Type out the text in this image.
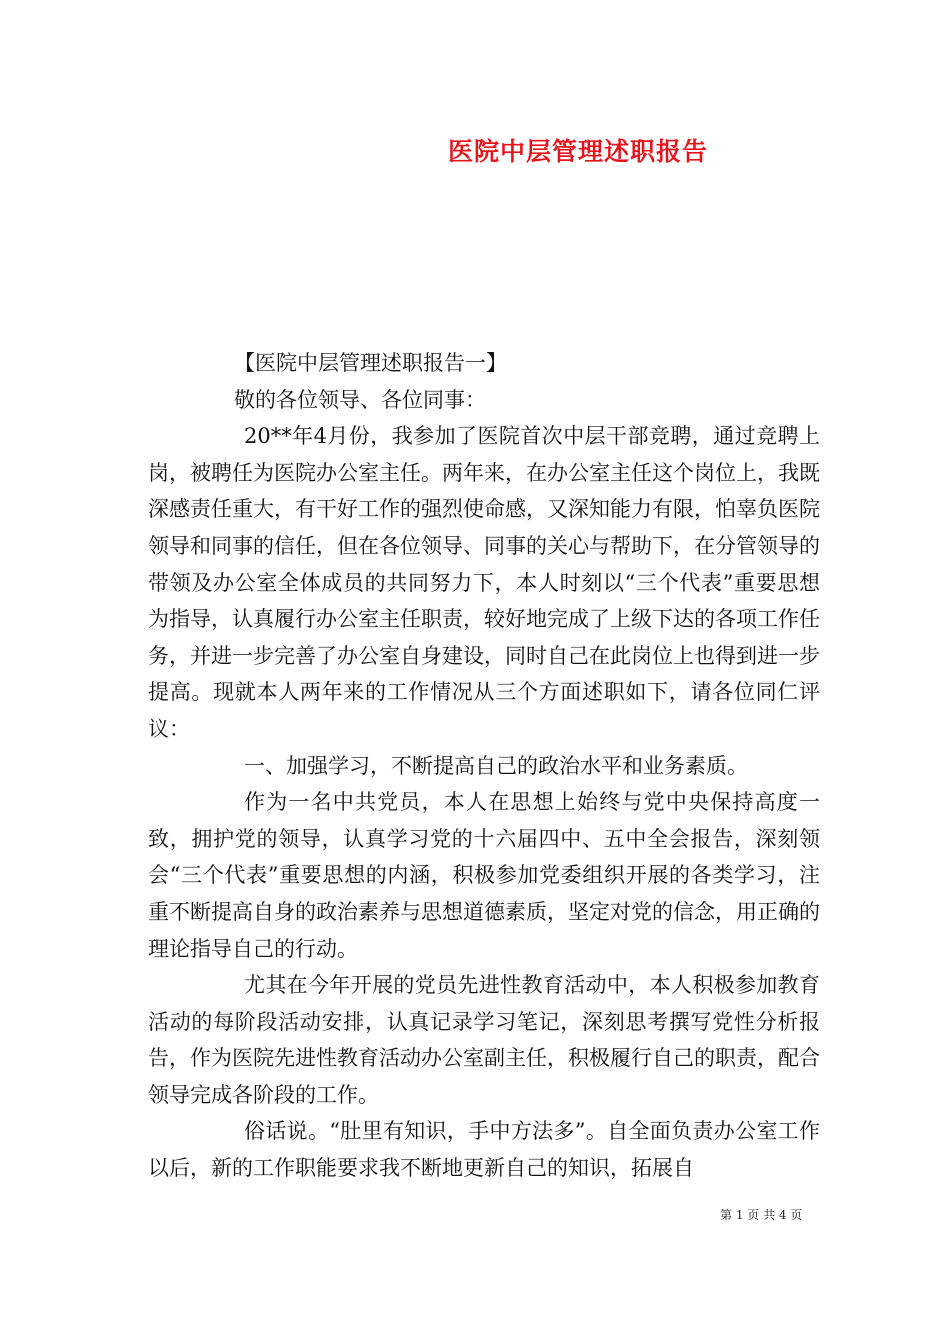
医院中层管理述职报告

【医院中层管理述职报告一】

敬的各位领导、各位同事：

20**年4月份，我参加了医院首次中层干部竞聘，通过竞聘上岗，被聘任为医院办公室主任。两年来，在办公室主任这个岗位上，我既深感责任重大，有干好工作的强烈使命感，又深知能力有限，怕辜负医院领导和同事的信任，但在各位领导、同事的关心与帮助下，在分管领导的带领及办公室全体成员的共同努力下，本人时刻以“三个代表”重要思想为指导，认真履行办公室主任职责，较好地完成了上级下达的各项工作任务，并进一步完善了办公室自身建设，同时自己在此岗位上也得到进一步提高。现就本人两年来的工作情况从三个方面述职如下，请各位同仁评议：

一、加强学习，不断提高自己的政治水平和业务素质。

作为一名中共党员，本人在思想上始终与党中央保持高度一致，拥护党的领导，认真学习党的十六届四中、五中全会报告，深刻领会“三个代表”重要思想的内涵，积极参加党委组织开展的各类学习，注重不断提高自身的政治素养与思想道德素质，坚定对党的信念，用正确的理论指导自己的行动。

尤其在今年开展的党员先进性教育活动中，本人积极参加教育活动的每阶段活动安排，认真记录学习笔记，深刻思考撰写党性分析报告，作为医院先进性教育活动办公室副主任，积极履行自己的职责，配合领导完成各阶段的工作。

俗话说。“肚里有知识，手中方法多”。自全面负责办公室工作以后，新的工作职能要求我不断地更新自己的知识，拓展自

第 1 页 共 4 页
